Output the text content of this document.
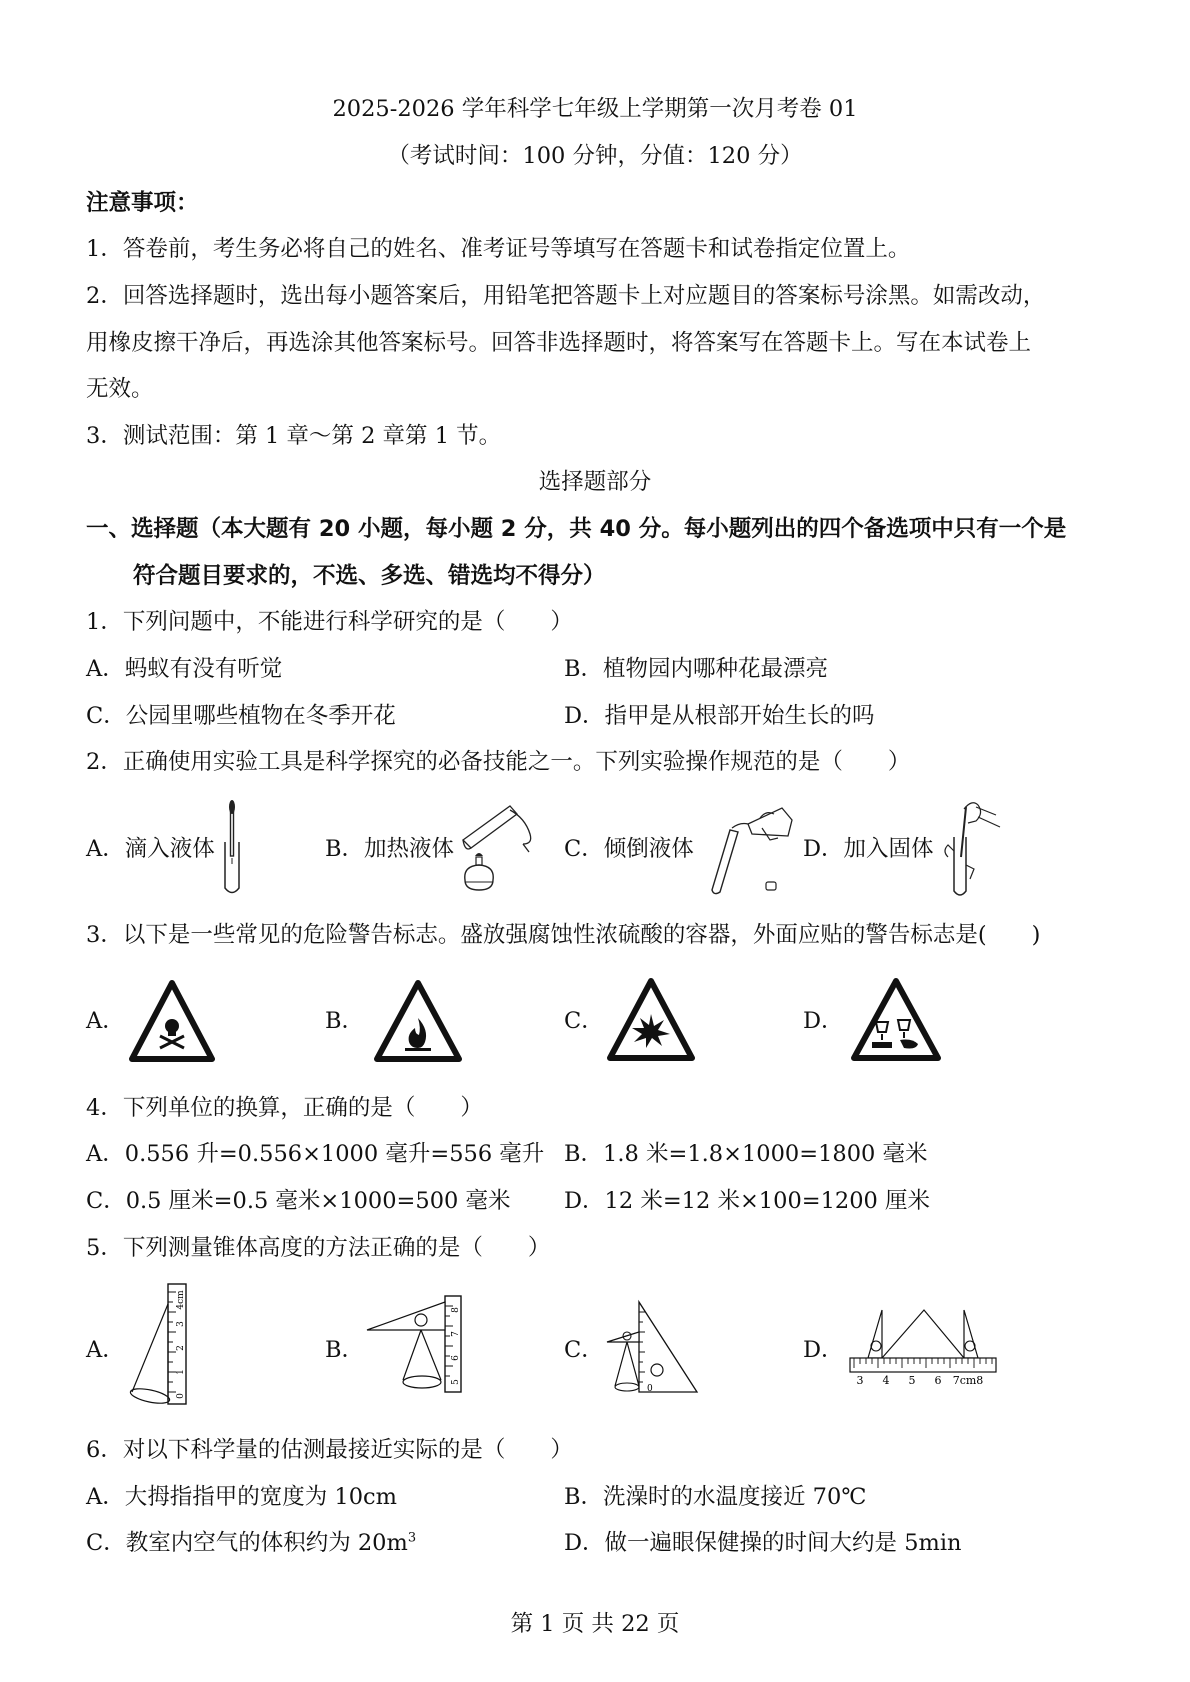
2025-2026 学年科学七年级上学期第一次月考卷 01
（考试时间：100 分钟，分值：120 分）
注意事项：
1．答卷前，考生务必将自己的姓名、准考证号等填写在答题卡和试卷指定位置上。
2．回答选择题时，选出每小题答案后，用铅笔把答题卡上对应题目的答案标号涂黑。如需改动，
用橡皮擦干净后，再选涂其他答案标号。回答非选择题时，将答案写在答题卡上。写在本试卷上
无效。
3．测试范围：第 1 章～第 2 章第 1 节。
选择题部分
一、选择题（本大题有 20 小题，每小题 2 分，共 40 分。每小题列出的四个备选项中只有一个是
符合题目要求的，不选、多选、错选均不得分）
1．下列问题中，不能进行科学研究的是（　　）
A．蚂蚁有没有听觉	B．植物园内哪种花最漂亮
C．公园里哪些植物在冬季开花	D．指甲是从根部开始生长的吗
2．正确使用实验工具是科学探究的必备技能之一。下列实验操作规范的是（　　）
A．滴入液体	B．加热液体	C．倾倒液体	D．加入固体
3．以下是一些常见的危险警告标志。盛放强腐蚀性浓硫酸的容器，外面应贴的警告标志是(　　)
A．	B．	C．	D．
4．下列单位的换算，正确的是（　　）
A．0.556 升=0.556×1000 毫升=556 毫升 B．1.8 米=1.8×1000=1800 毫米
C．0.5 厘米=0.5 毫米×1000=500 毫米 D．12 米=12 米×100=1200 厘米
5．下列测量锥体高度的方法正确的是（　　）
A．	B．	C．	D．
0
1
2
3
4cm
5
6
7
8
0
3 4 5 6 7cm8
6．对以下科学量的估测最接近实际的是（　　）
A．大拇指指甲的宽度为 10cm	B．洗澡时的水温度接近 70℃
C．教室内空气的体积约为 $20m^3$	D．做一遍眼保健操的时间大约是 5min
第 1 页 共 22 页
